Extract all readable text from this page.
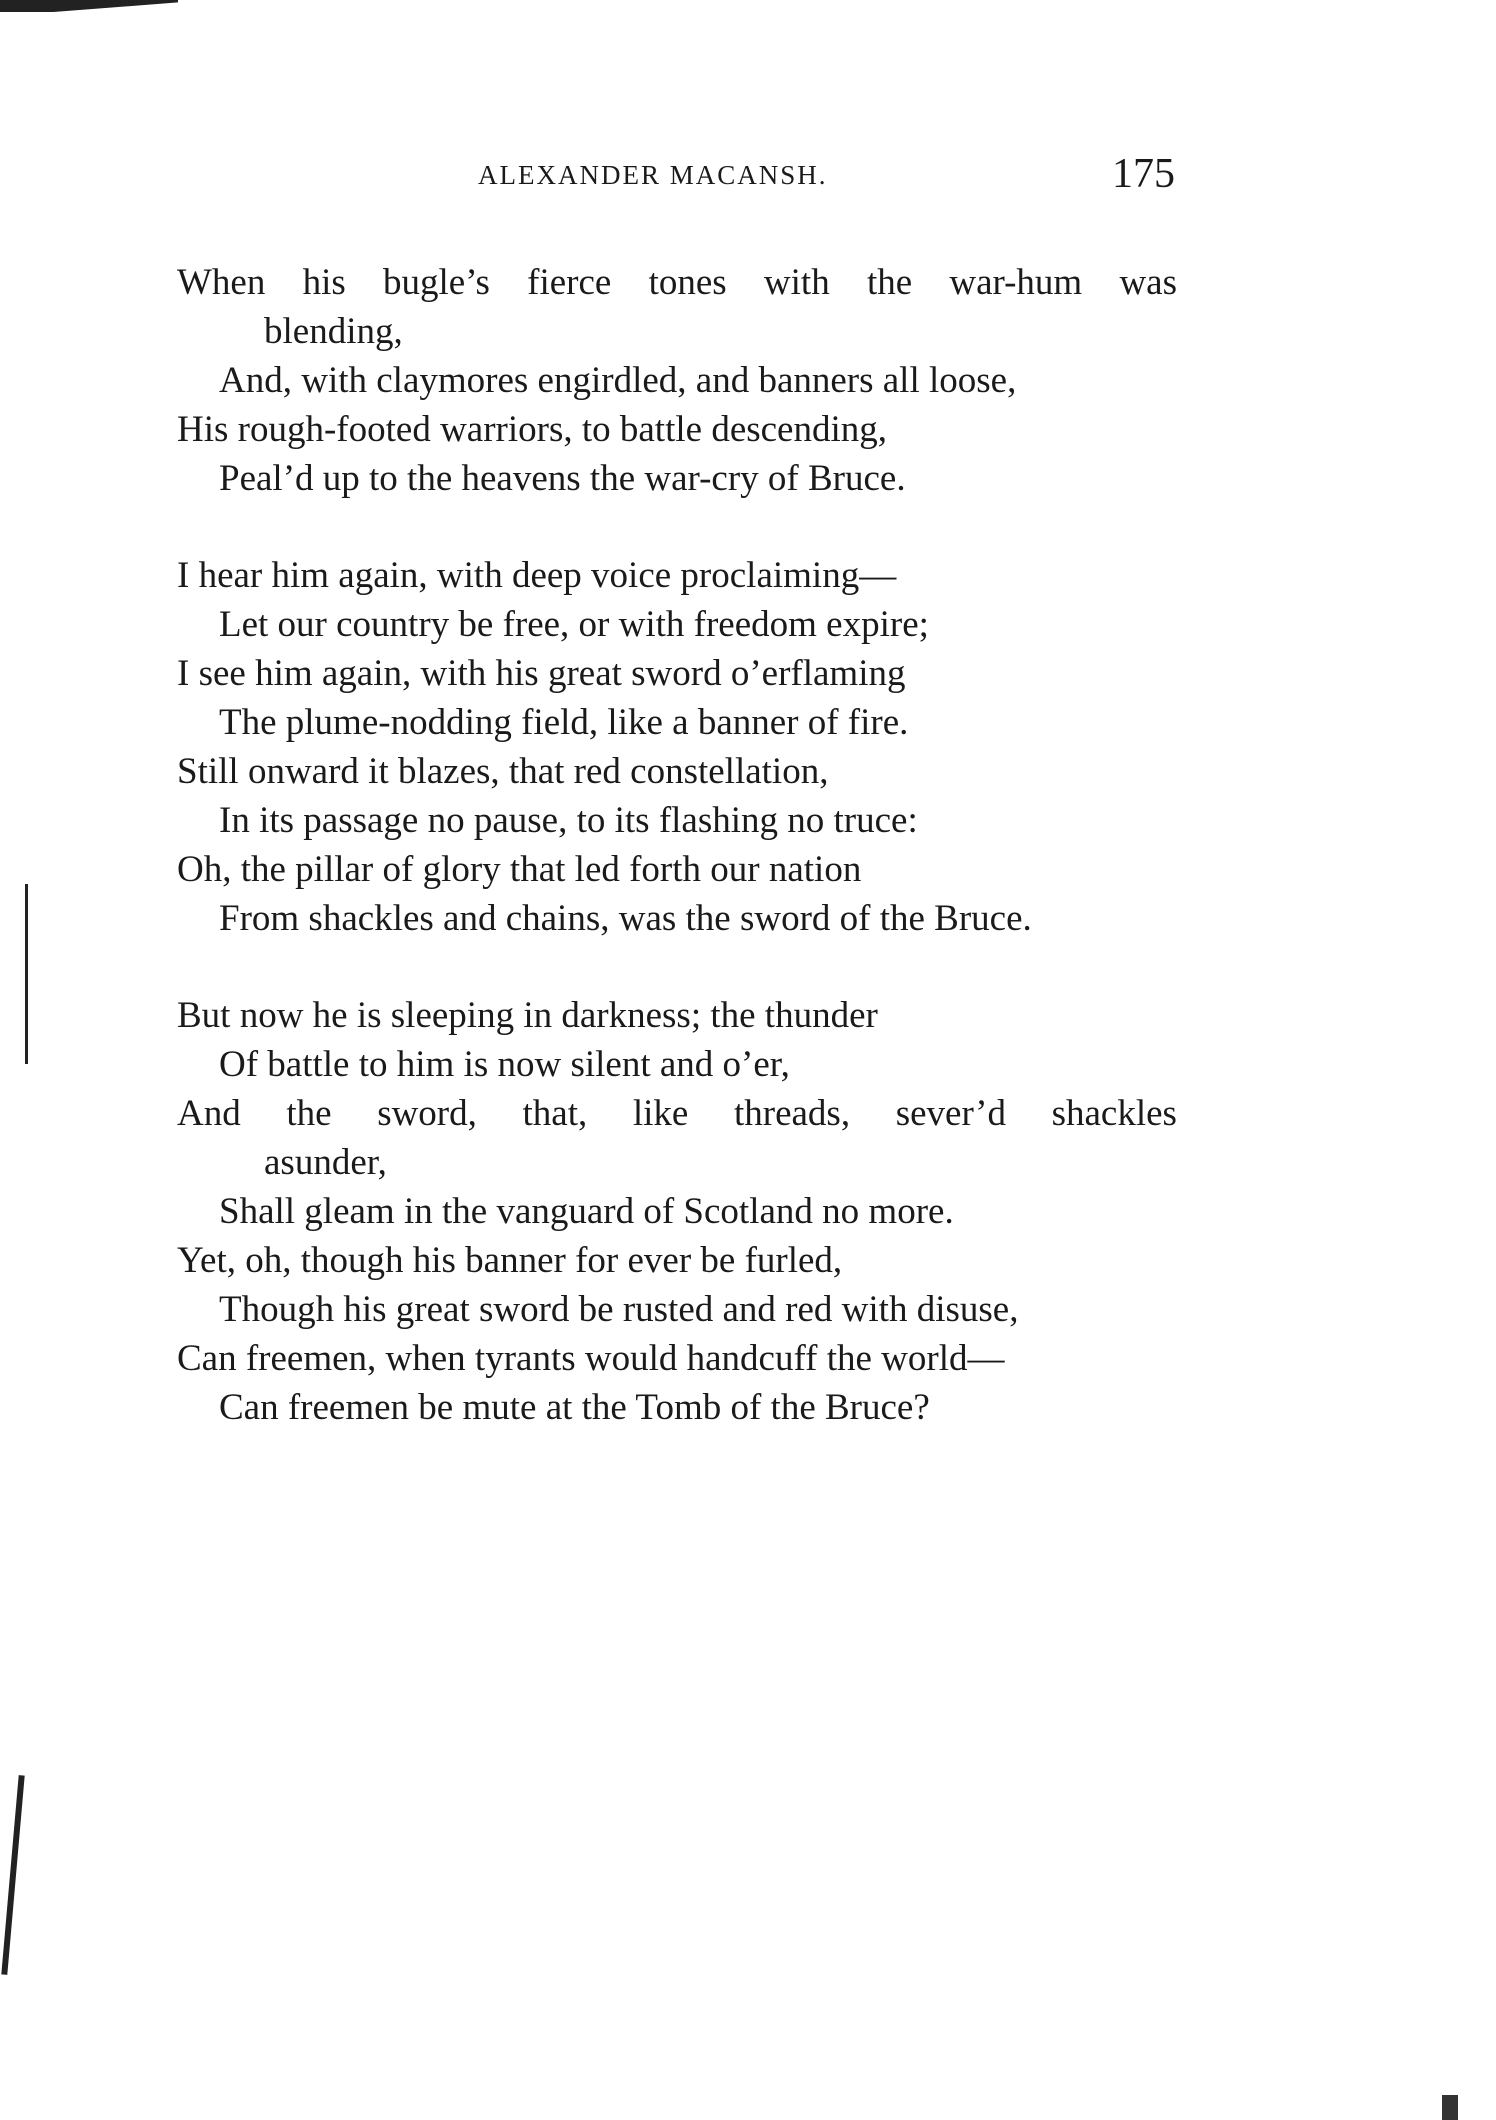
ALEXANDER MACANSH.	175
When his bugle’s fierce tones with the war-hum was
blending,
And, with claymores engirdled, and banners all loose,
His rough-footed warriors, to battle descending,
Peal’d up to the heavens the war-cry of Bruce.
I hear him again, with deep voice proclaiming—
Let our country be free, or with freedom expire;
I see him again, with his great sword o’erflaming
The plume-nodding field, like a banner of fire.
Still onward it blazes, that red constellation,
In its passage no pause, to its flashing no truce:
Oh, the pillar of glory that led forth our nation
From shackles and chains, was the sword of the Bruce.
But now he is sleeping in darkness; the thunder
Of battle to him is now silent and o’er,
And the sword, that, like threads, sever’d shackles
asunder,
Shall gleam in the vanguard of Scotland no more.
Yet, oh, though his banner for ever be furled,
Though his great sword be rusted and red with disuse,
Can freemen, when tyrants would handcuff the world—
Can freemen be mute at the Tomb of the Bruce?
